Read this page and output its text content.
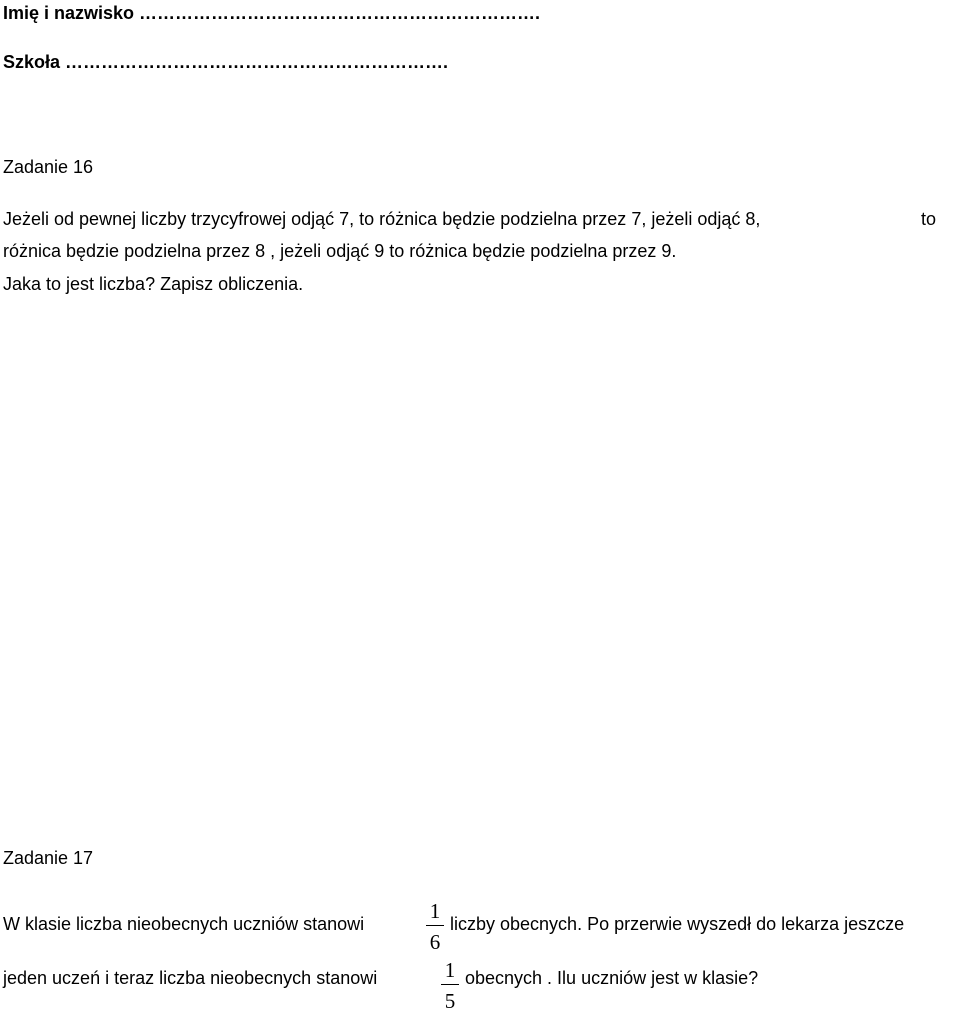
Imię i nazwisko ………………………………………………………….
Szkoła ……………………………………………………….
Zadanie 16
Jeżeli od pewnej liczby trzycyfrowej odjąć 7, to różnica będzie podzielna przez 7, jeżeli odjąć 8,	to
różnica będzie podzielna przez 8 , jeżeli odjąć 9 to różnica będzie podzielna przez 9.
Jaka to jest liczba? Zapisz obliczenia.
Zadanie 17
W klasie liczba nieobecnych uczniów stanowi
1
6
liczby obecnych. Po przerwie wyszedł do lekarza jeszcze
jeden uczeń i teraz liczba nieobecnych stanowi	1
5
obecnych . Ilu uczniów jest w klasie?
